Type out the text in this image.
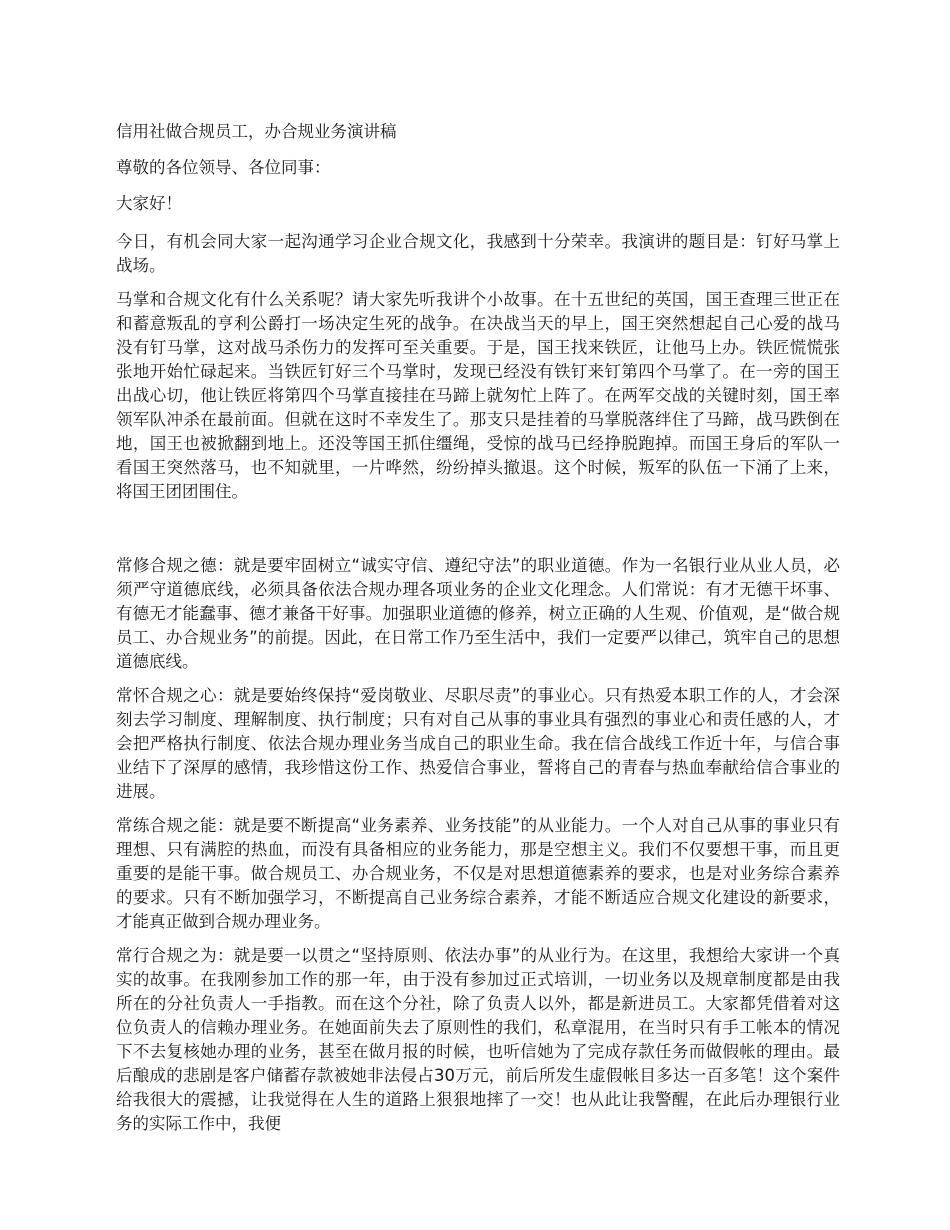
信用社做合规员工，办合规业务演讲稿
尊敬的各位领导、各位同事：
大家好！
今日，有机会同大家一起沟通学习企业合规文化，我感到十分荣幸。我演讲的题目是：钉好马掌上战场。
马掌和合规文化有什么关系呢？请大家先听我讲个小故事。在十五世纪的英国，国王查理三世正在和蓄意叛乱的亨利公爵打一场决定生死的战争。在决战当天的早上，国王突然想起自己心爱的战马没有钉马掌，这对战马杀伤力的发挥可至关重要。于是，国王找来铁匠，让他马上办。铁匠慌慌张张地开始忙碌起来。当铁匠钉好三个马掌时，发现已经没有铁钉来钉第四个马掌了。在一旁的国王出战心切，他让铁匠将第四个马掌直接挂在马蹄上就匆忙上阵了。在两军交战的关键时刻，国王率领军队冲杀在最前面。但就在这时不幸发生了。那支只是挂着的马掌脱落绊住了马蹄，战马跌倒在地，国王也被掀翻到地上。还没等国王抓住缰绳，受惊的战马已经挣脱跑掉。而国王身后的军队一看国王突然落马，也不知就里，一片哗然，纷纷掉头撤退。这个时候，叛军的队伍一下涌了上来，将国王团团围住。
常修合规之德：就是要牢固树立“诚实守信、遵纪守法”的职业道德。作为一名银行业从业人员，必须严守道德底线，必须具备依法合规办理各项业务的企业文化理念。人们常说：有才无德干坏事、有德无才能蠢事、德才兼备干好事。加强职业道德的修养，树立正确的人生观、价值观，是“做合规员工、办合规业务”的前提。因此，在日常工作乃至生活中，我们一定要严以律己，筑牢自己的思想道德底线。
常怀合规之心：就是要始终保持“爱岗敬业、尽职尽责”的事业心。只有热爱本职工作的人，才会深刻去学习制度、理解制度、执行制度；只有对自己从事的事业具有强烈的事业心和责任感的人，才会把严格执行制度、依法合规办理业务当成自己的职业生命。我在信合战线工作近十年，与信合事业结下了深厚的感情，我珍惜这份工作、热爱信合事业，誓将自己的青春与热血奉献给信合事业的进展。
常练合规之能：就是要不断提高“业务素养、业务技能”的从业能力。一个人对自己从事的事业只有理想、只有满腔的热血，而没有具备相应的业务能力，那是空想主义。我们不仅要想干事，而且更重要的是能干事。做合规员工、办合规业务，不仅是对思想道德素养的要求，也是对业务综合素养的要求。只有不断加强学习，不断提高自己业务综合素养，才能不断适应合规文化建设的新要求，才能真正做到合规办理业务。
常行合规之为：就是要一以贯之“坚持原则、依法办事”的从业行为。在这里，我想给大家讲一个真实的故事。在我刚参加工作的那一年，由于没有参加过正式培训，一切业务以及规章制度都是由我所在的分社负责人一手指教。而在这个分社，除了负责人以外，都是新进员工。大家都凭借着对这位负责人的信赖办理业务。在她面前失去了原则性的我们，私章混用，在当时只有手工帐本的情况下不去复核她办理的业务，甚至在做月报的时候，也听信她为了完成存款任务而做假帐的理由。最后酿成的悲剧是客户储蓄存款被她非法侵占30万元，前后所发生虚假帐目多达一百多笔！这个案件给我很大的震撼，让我觉得在人生的道路上狠狠地摔了一交！也从此让我警醒，在此后办理银行业务的实际工作中，我便
